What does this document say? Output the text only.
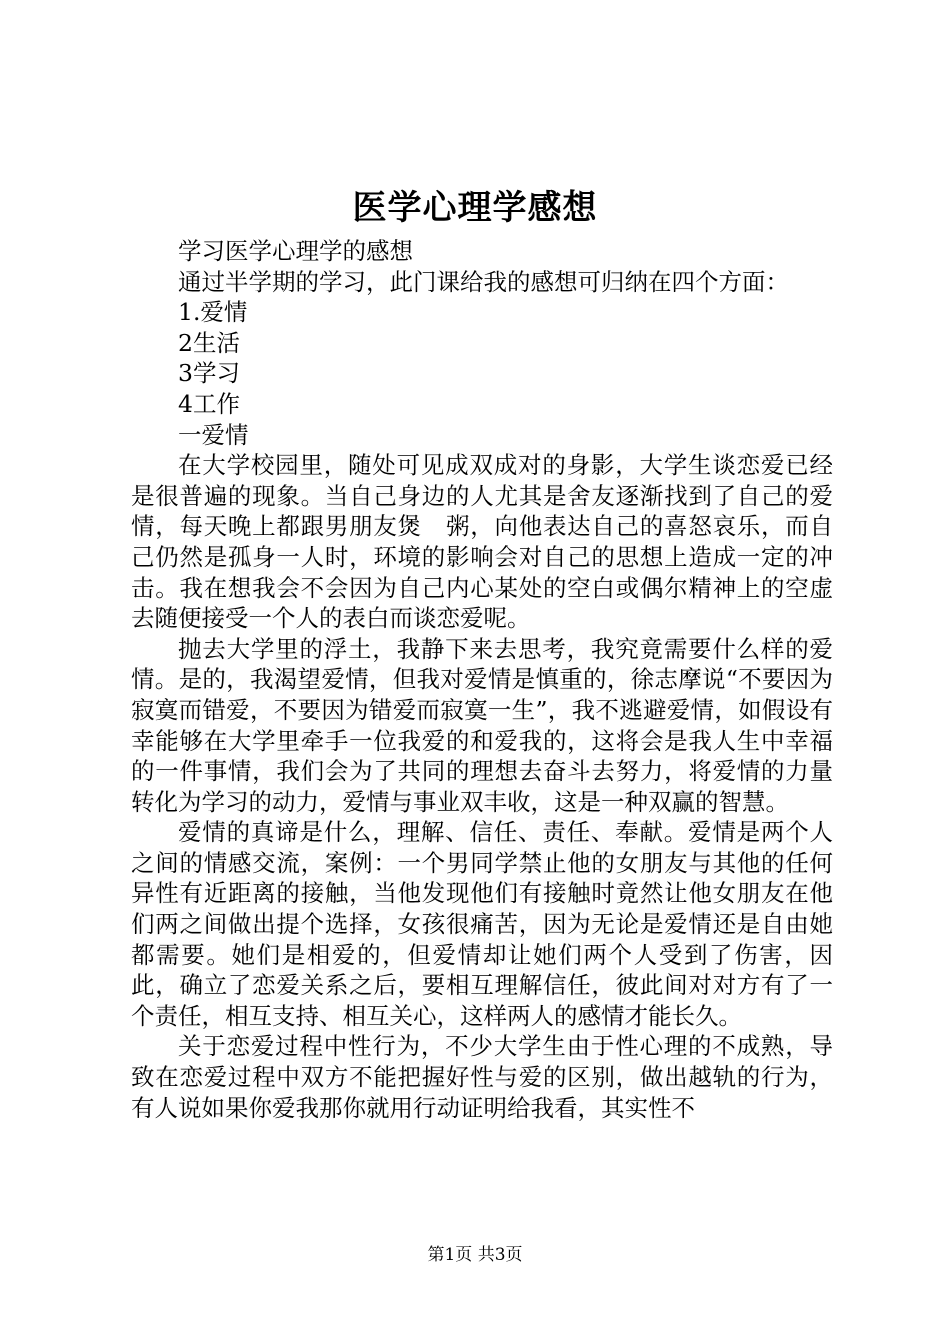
医学心理学感想

学习医学心理学的感想

通过半学期的学习，此门课给我的感想可归纳在四个方面：

1.爱情

2生活

3学习

4工作

一爱情

在大学校园里，随处可见成双成对的身影，大学生谈恋爱已经是很普遍的现象。当自己身边的人尤其是舍友逐渐找到了自己的爱情，每天晚上都跟男朋友煲　粥，向他表达自己的喜怒哀乐，而自己仍然是孤身一人时，环境的影响会对自己的思想上造成一定的冲击。我在想我会不会因为自己内心某处的空白或偶尔精神上的空虚去随便接受一个人的表白而谈恋爱呢。

抛去大学里的浮土，我静下来去思考，我究竟需要什么样的爱情。是的，我渴望爱情，但我对爱情是慎重的，徐志摩说“不要因为寂寞而错爱，不要因为错爱而寂寞一生”，我不逃避爱情，如假设有幸能够在大学里牵手一位我爱的和爱我的，这将会是我人生中幸福的一件事情，我们会为了共同的理想去奋斗去努力，将爱情的力量转化为学习的动力，爱情与事业双丰收，这是一种双赢的智慧。

爱情的真谛是什么，理解、信任、责任、奉献。爱情是两个人之间的情感交流，案例：一个男同学禁止他的女朋友与其他的任何异性有近距离的接触，当他发现他们有接触时竟然让他女朋友在他们两之间做出提个选择，女孩很痛苦，因为无论是爱情还是自由她都需要。她们是相爱的，但爱情却让她们两个人受到了伤害，因此，确立了恋爱关系之后，要相互理解信任，彼此间对对方有了一个责任，相互支持、相互关心，这样两人的感情才能长久。

关于恋爱过程中性行为，不少大学生由于性心理的不成熟，导致在恋爱过程中双方不能把握好性与爱的区别，做出越轨的行为，有人说如果你爱我那你就用行动证明给我看，其实性不

第1页 共3页
